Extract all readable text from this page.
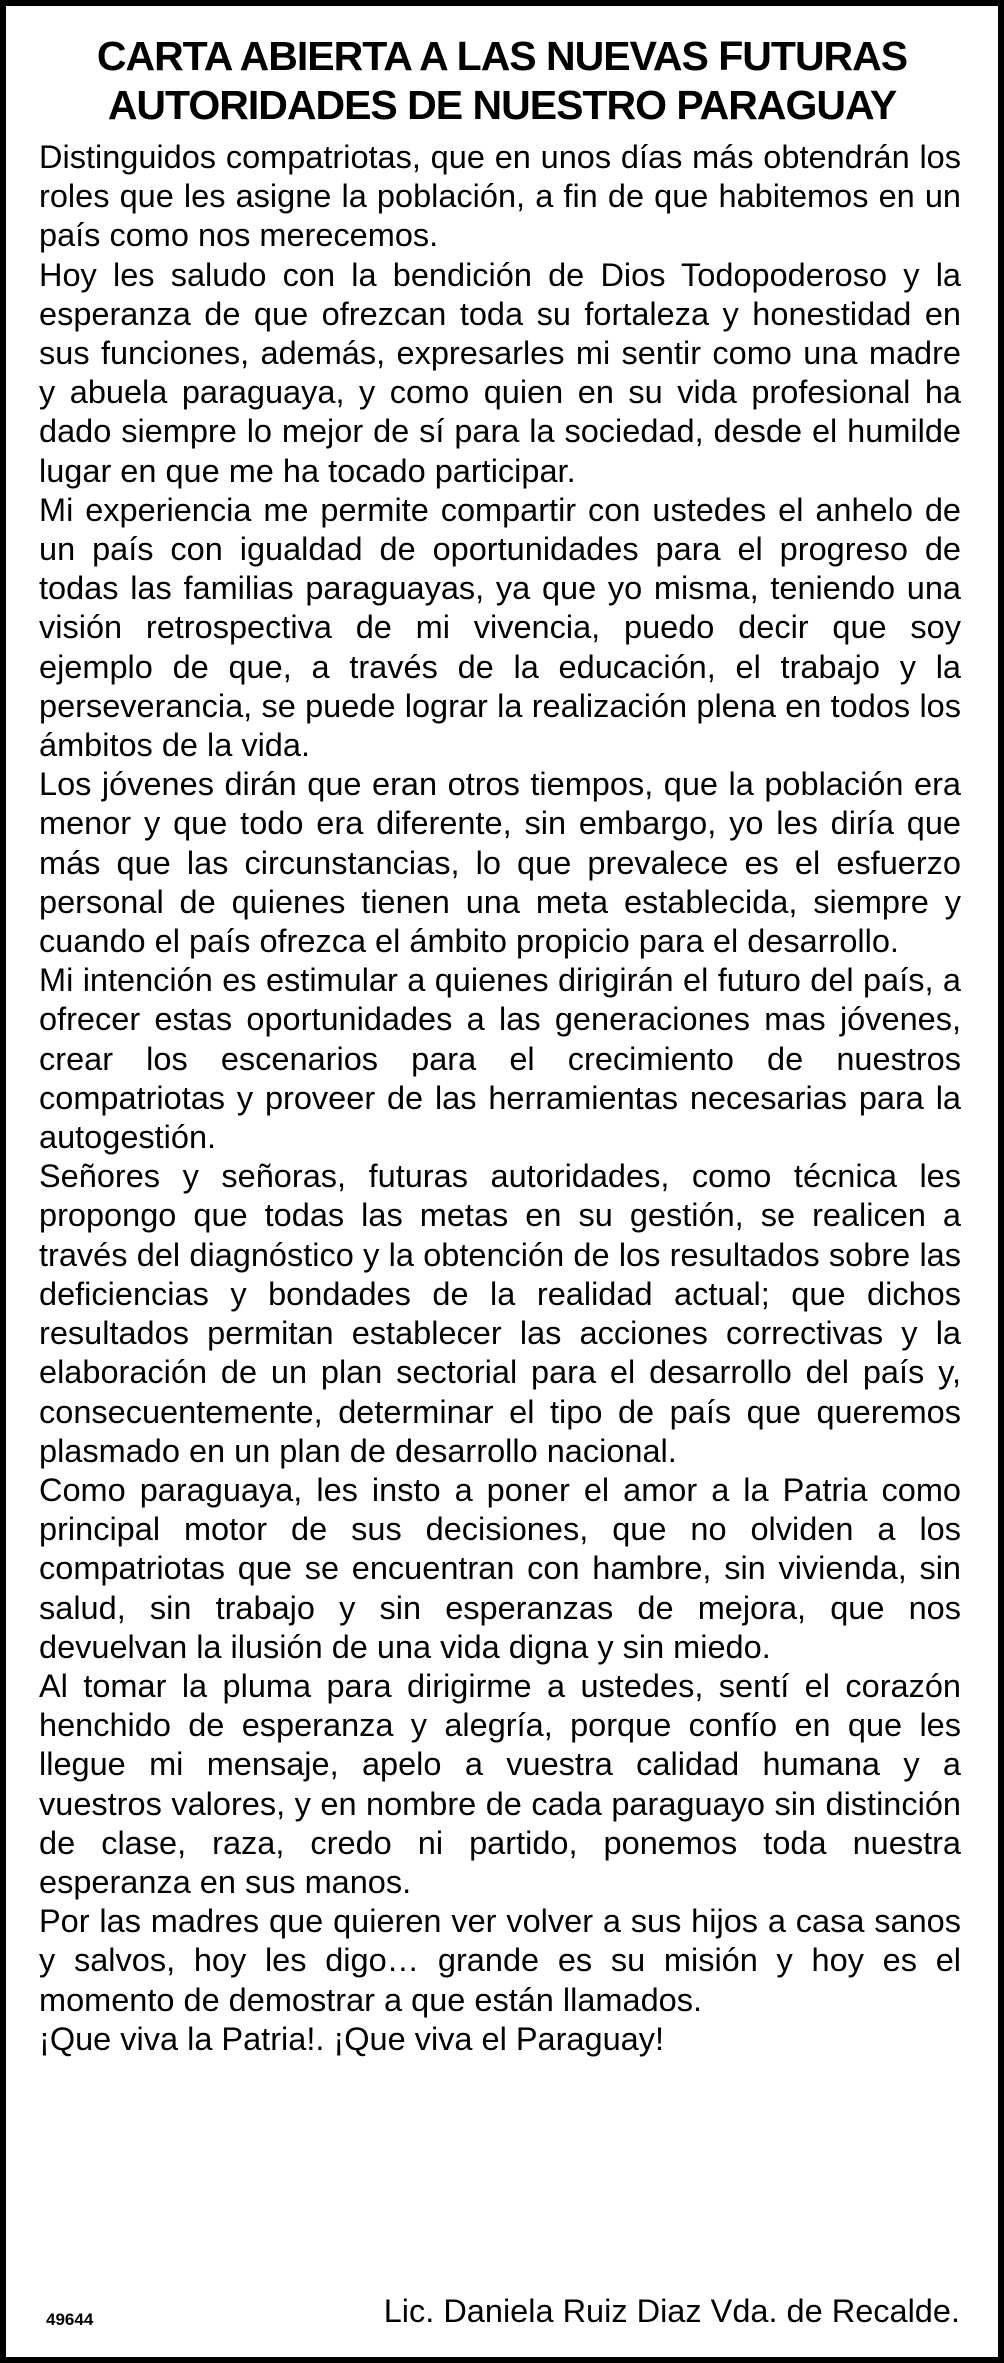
CARTA ABIERTA A LAS NUEVAS FUTURAS
AUTORIDADES DE NUESTRO PARAGUAY

Distinguidos compatriotas, que en unos días más obtendrán los roles que les asigne la población, a fin de que habitemos en un país como nos merecemos.

Hoy les saludo con la bendición de Dios Todopoderoso y la esperanza de que ofrezcan toda su fortaleza y honestidad en sus funciones, además, expresarles mi sentir como una madre y abuela paraguaya, y como quien en su vida profesional ha dado siempre lo mejor de sí para la sociedad, desde el humilde lugar en que me ha tocado participar.

Mi experiencia me permite compartir con ustedes el anhelo de un país con igualdad de oportunidades para el progreso de todas las familias paraguayas, ya que yo misma, teniendo una visión retrospectiva de mi vivencia, puedo decir que soy ejemplo de que, a través de la educación, el trabajo y la perseverancia, se puede lograr la realización plena en todos los ámbitos de la vida.

Los jóvenes dirán que eran otros tiempos, que la población era menor y que todo era diferente, sin embargo, yo les diría que más que las circunstancias, lo que prevalece es el esfuerzo personal de quienes tienen una meta establecida, siempre y cuando el país ofrezca el ámbito propicio para el desarrollo.

Mi intención es estimular a quienes dirigirán el futuro del país, a ofrecer estas oportunidades a las generaciones mas jóvenes, crear los escenarios para el crecimiento de nuestros compatriotas y proveer de las herramientas necesarias para la autogestión.

Señores y señoras, futuras autoridades, como técnica les propongo que todas las metas en su gestión, se realicen a través del diagnóstico y la obtención de los resultados sobre las deficiencias y bondades de la realidad actual; que dichos resultados permitan establecer las acciones correctivas y la elaboración de un plan sectorial para el desarrollo del país y, consecuentemente, determinar el tipo de país que queremos plasmado en un plan de desarrollo nacional.

Como paraguaya, les insto a poner el amor a la Patria como principal motor de sus decisiones, que no olviden a los compatriotas que se encuentran con hambre, sin vivienda, sin salud, sin trabajo y sin esperanzas de mejora, que nos devuelvan la ilusión de una vida digna y sin miedo.

Al tomar la pluma para dirigirme a ustedes, sentí el corazón henchido de esperanza y alegría, porque confío en que les llegue mi mensaje, apelo a vuestra calidad humana y a vuestros valores, y en nombre de cada paraguayo sin distinción de clase, raza, credo ni partido, ponemos toda nuestra esperanza en sus manos.

Por las madres que quieren ver volver a sus hijos a casa sanos y salvos, hoy les digo… grande es su misión y hoy es el momento de demostrar a que están llamados.

¡Que viva la Patria!. ¡Que viva el Paraguay!

49644	Lic. Daniela Ruiz Diaz Vda. de Recalde.
